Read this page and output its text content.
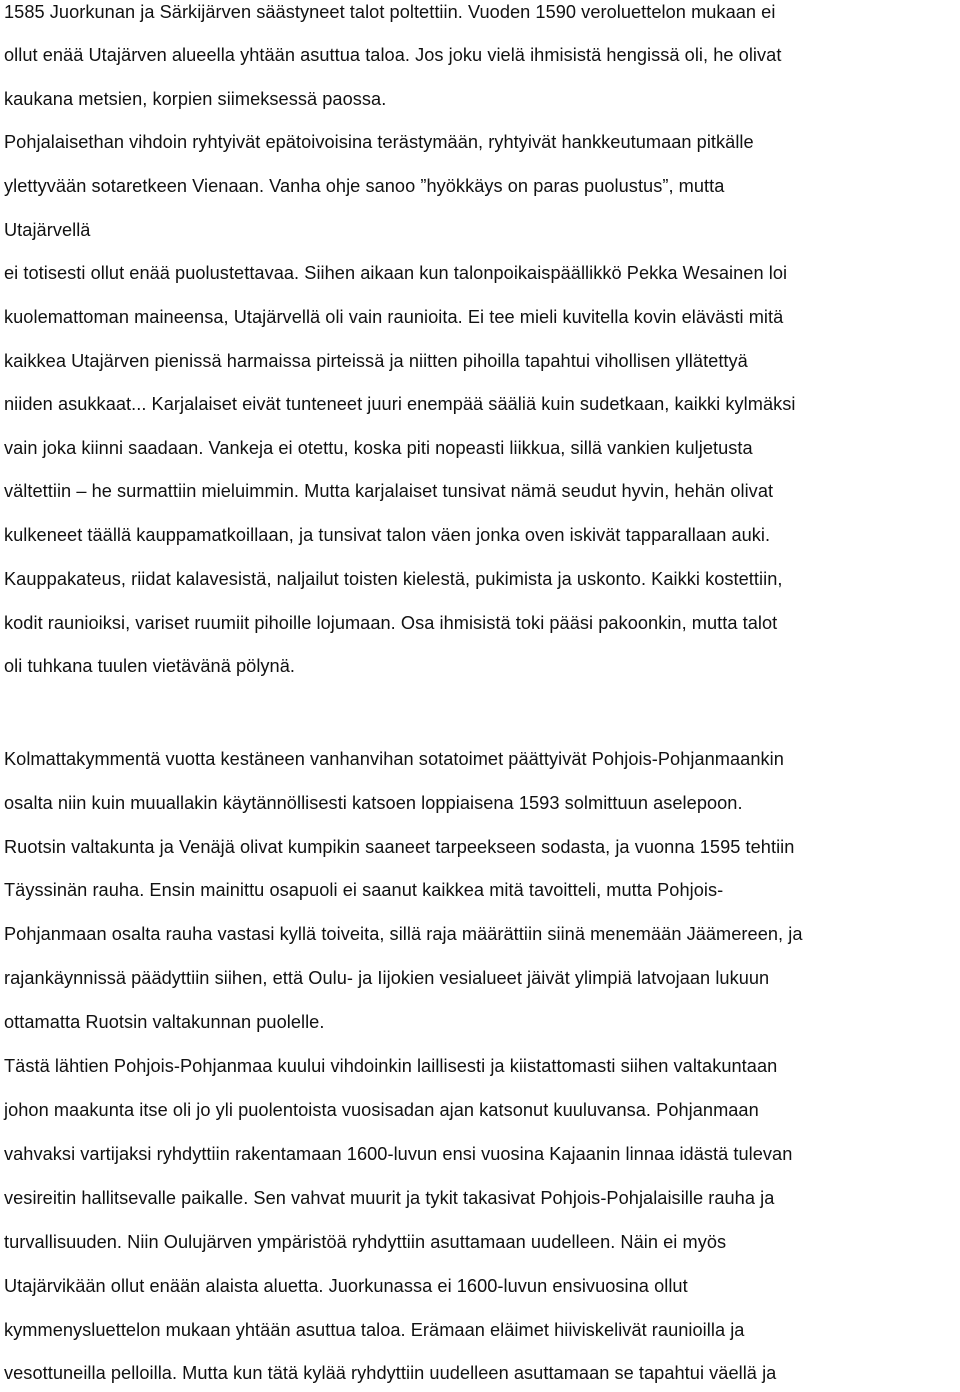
1585 Juorkunan ja Särkijärven säästyneet talot poltettiin. Vuoden 1590 veroluettelon mukaan ei
ollut enää Utajärven alueella yhtään asuttua taloa. Jos joku vielä ihmisistä hengissä oli, he olivat
kaukana metsien, korpien siimeksessä paossa.
Pohjalaisethan vihdoin ryhtyivät epätoivoisina terästymään, ryhtyivät hankkeutumaan pitkälle
ylettyvään sotaretkeen Vienaan. Vanha ohje sanoo ”hyökkäys on paras puolustus”, mutta
Utajärvellä
ei totisesti ollut enää puolustettavaa. Siihen aikaan kun talonpoikaispäällikkö Pekka Wesainen loi
kuolemattoman maineensa, Utajärvellä oli vain raunioita. Ei tee mieli kuvitella kovin elävästi mitä
kaikkea Utajärven pienissä harmaissa pirteissä ja niitten pihoilla tapahtui vihollisen yllätettyä
niiden asukkaat... Karjalaiset eivät tunteneet juuri enempää sääliä kuin sudetkaan, kaikki kylmäksi
vain joka kiinni saadaan. Vankeja ei otettu, koska piti nopeasti liikkua, sillä vankien kuljetusta
vältettiin – he surmattiin mieluimmin. Mutta karjalaiset tunsivat nämä seudut hyvin, hehän olivat
kulkeneet täällä kauppamatkoillaan, ja tunsivat talon väen jonka oven iskivät tapparallaan auki.
Kauppakateus, riidat kalavesistä, naljailut toisten kielestä, pukimista ja uskonto. Kaikki kostettiin,
kodit raunioiksi, variset ruumiit pihoille lojumaan. Osa ihmisistä toki pääsi pakoonkin, mutta talot
oli tuhkana tuulen vietävänä pölynä.
Kolmattakymmentä vuotta kestäneen vanhanvihan sotatoimet päättyivät Pohjois-Pohjanmaankin
osalta niin kuin muuallakin käytännöllisesti katsoen loppiaisena 1593 solmittuun aselepoon.
Ruotsin valtakunta ja Venäjä olivat kumpikin saaneet tarpeekseen sodasta, ja vuonna 1595 tehtiin
Täyssinän rauha. Ensin mainittu osapuoli ei saanut kaikkea mitä tavoitteli, mutta Pohjois-
Pohjanmaan osalta rauha vastasi kyllä toiveita, sillä raja määrättiin siinä menemään Jäämereen, ja
rajankäynnissä päädyttiin siihen, että Oulu- ja Iijokien vesialueet jäivät ylimpiä latvojaan lukuun
ottamatta Ruotsin valtakunnan puolelle.
Tästä lähtien Pohjois-Pohjanmaa kuului vihdoinkin laillisesti ja kiistattomasti siihen valtakuntaan
johon maakunta itse oli jo yli puolentoista vuosisadan ajan katsonut kuuluvansa. Pohjanmaan
vahvaksi vartijaksi ryhdyttiin rakentamaan 1600-luvun ensi vuosina Kajaanin linnaa idästä tulevan
vesireitin hallitsevalle paikalle. Sen vahvat muurit ja tykit takasivat Pohjois-Pohjalaisille rauha ja
turvallisuuden. Niin Oulujärven ympäristöä ryhdyttiin asuttamaan uudelleen. Näin ei myös
Utajärvikään ollut enään alaista aluetta. Juorkunassa ei 1600-luvun ensivuosina ollut
kymmenysluettelon mukaan yhtään asuttua taloa. Erämaan eläimet hiiviskelivät raunioilla ja
vesottuneilla pelloilla. Mutta kun tätä kylää ryhdyttiin uudelleen asuttamaan se tapahtui väellä ja
